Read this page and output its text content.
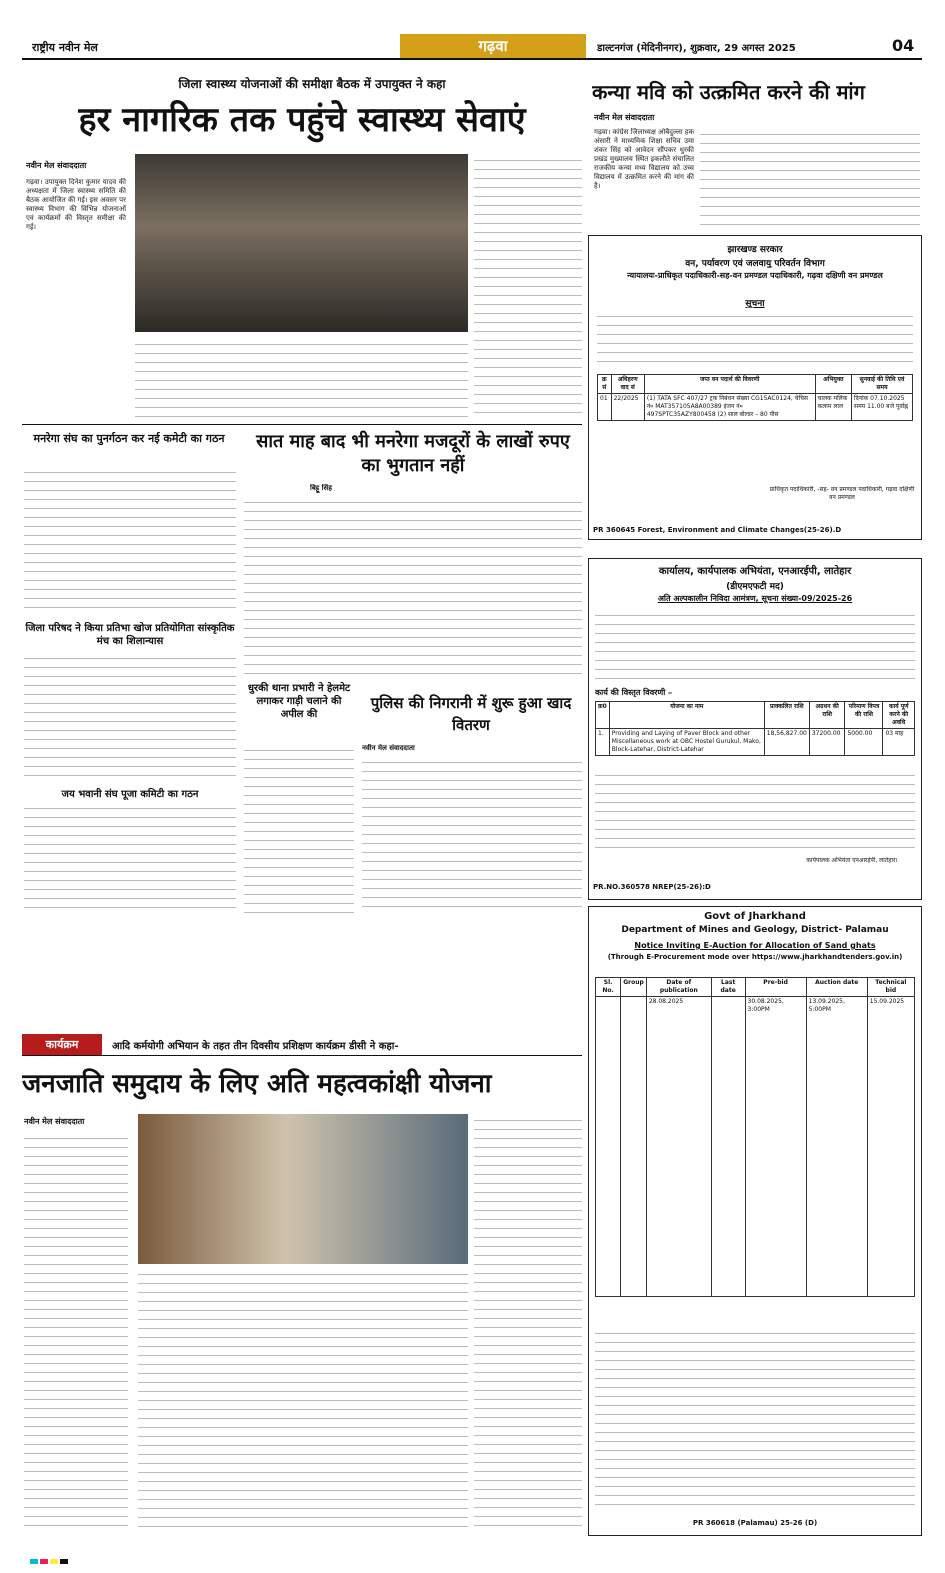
राष्ट्रीय नवीन मेल	गढ़वा	डाल्टनगंज (मेदिनीनगर), शुक्रवार, 29 अगस्त 2025	04
जिला स्वास्थ्य योजनाओं की समीक्षा बैठक में उपायुक्त ने कहा
हर नागरिक तक पहुंचे स्वास्थ्य सेवाएं
नवीन मेल संवाददाता
गढ़वा। उपायुक्त दिनेश कुमार यादव की अध्यक्षता में जिला स्वास्थ्य समिति की बैठक आयोजित की गई। इस अवसर पर स्वास्थ्य विभाग की विभिन्न योजनाओं एवं कार्यक्रमों की विस्तृत समीक्षा की गई।
कन्या मवि को उत्क्रमित करने की मांग
नवीन मेल संवाददाता
गढ़वा। कांग्रेस जिलाध्यक्ष ओबैदुल्ला हक अंसारी ने माध्यमिक शिक्षा सचिव उमा शंकर सिंह को आवेदन सौंपकर धुरकी प्रखंड मुख्यालय स्थित इकलौते संचालित राजकीय कन्या मध्य विद्यालय को उच्च विद्यालय में उत्क्रमित करने की मांग की है।
झारखण्ड सरकार
वन, पर्यावरण एवं जलवायु परिवर्तन विभाग
न्यायालयः-प्राधिकृत पदाधिकारी-सह-वन प्रमण्डल पदाधिकारी, गढ़वा दक्षिणी वन प्रमण्डल
सूचना
क्र सं	अधिहरण वाद सं	जप्त वन पदार्थ की विवरणी	अभियुक्त	सुनवाई की तिथि एवं समय
01	22/2025	(1) TATA SFC 407/27 ट्रक निबंधन संख्या CG15AC0124, चेचिस नं० MAT357105A8A00389 इंजन नं० 497SPTC35AZY800458 (2) साल बोल्डर – 80 पीस	चालक मलिक कलाम लाल	दिनांक 07.10.2025 समय 11.00 बजे पूर्वाह्न
प्राधिकृत पदाधिकारी, -सह- वन प्रमण्डल पदाधिकारी, गढ़वा दक्षिणी वन प्रमण्डल
PR 360645 Forest, Environment and Climate Changes(25-26).D
मनरेगा संघ का पुनर्गठन कर नई कमेटी का गठन	सात माह बाद भी मनरेगा मजदूरों के लाखों रुपए का भुगतान नहीं
बिट्टू सिंह
जिला परिषद ने किया प्रतिभा खोज प्रतियोगिता सांस्कृतिक मंच का शिलान्यास
जय भवानी संघ पूजा कमिटी का गठन
धुरकी थाना प्रभारी ने हेलमेट लगाकर गाड़ी चलाने की अपील की
पुलिस की निगरानी में शुरू हुआ खाद वितरण
नवीन मेल संवाददाता
कार्यालय, कार्यपालक अभियंता, एनआरईपी, लातेहार
(डीएमएफटी मद)
अति अल्पकालीन निविदा आमंत्रण, सूचना संख्या-09/2025-26
कार्य की विस्तृत विवरणी –
क्र0	योजना का नाम	प्राक्कलित राशि	अग्रधन की राशि	परिमाण विपत्र की राशि	कार्य पूर्ण करने की अवधि
1.	Providing and Laying of Paver Block and other Miscellaneous work at OBC Hostel Gurukul, Mako, Block-Latehar, District-Latehar	18,56,827.00	37200.00	5000.00	03 माह
कार्यपालक अभियंता एनआरईपी, लातेहार।
PR.NO.360578 NREP(25-26):D
Govt of Jharkhand
Department of Mines and Geology, District- Palamau
Notice Inviting E-Auction for Allocation of Sand ghats
(Through E-Procurement mode over https://www.jharkhandtenders.gov.in)
Sl. No.	Group	Date of publication	Last date	Pre-bid	Auction date	Technical bid
		28.08.2025		30.08.2025, 3:00PM	13.09.2025, 5:00PM	15.09.2025
PR 360618 (Palamau) 25-26 (D)
कार्यक्रम	आदि कर्मयोगी अभियान के तहत तीन दिवसीय प्रशिक्षण कार्यक्रम डीसी ने कहा-
जनजाति समुदाय के लिए अति महत्वकांक्षी योजना
नवीन मेल संवाददाता
